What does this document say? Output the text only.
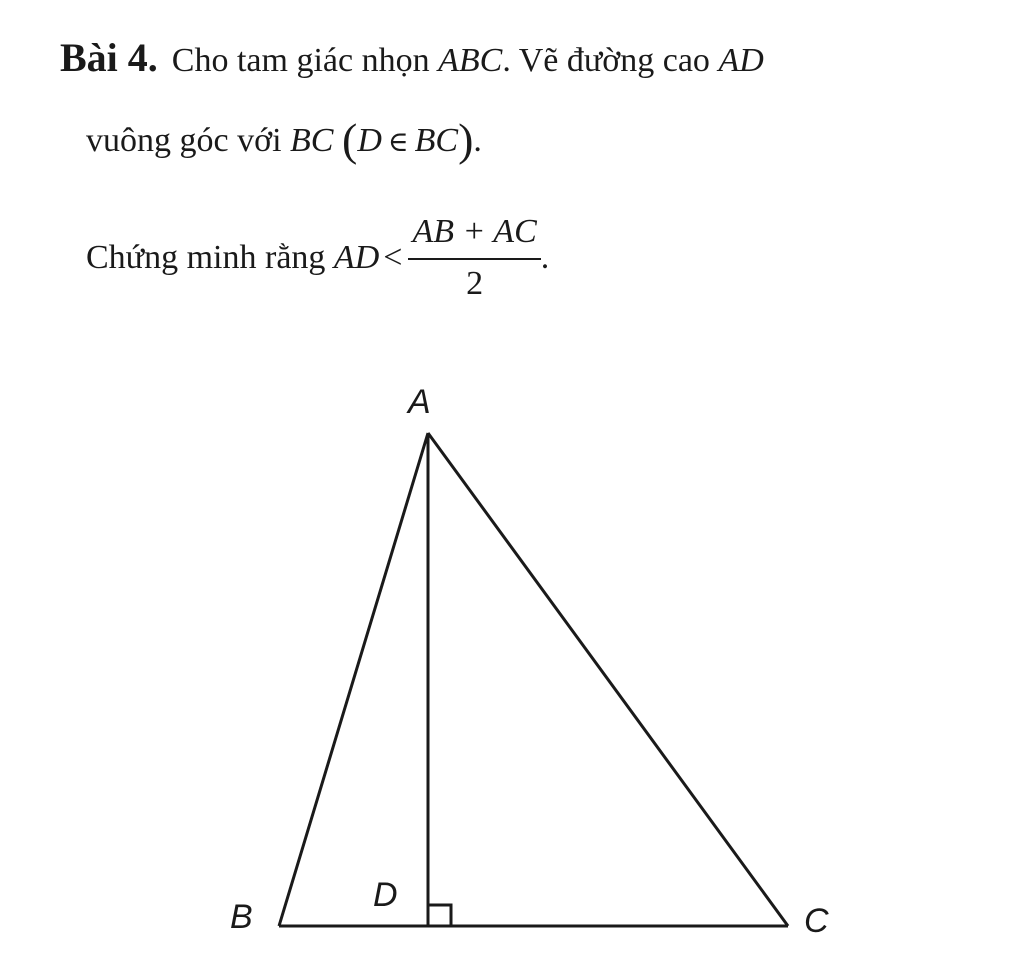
Bài 4. Cho tam giác nhọn ABC. Vẽ đường cao AD
vuông góc với BC (D ∈ BC).
Chứng minh rằng AD < $\frac{AB + AC}{2}$ .
A
B	C
D
